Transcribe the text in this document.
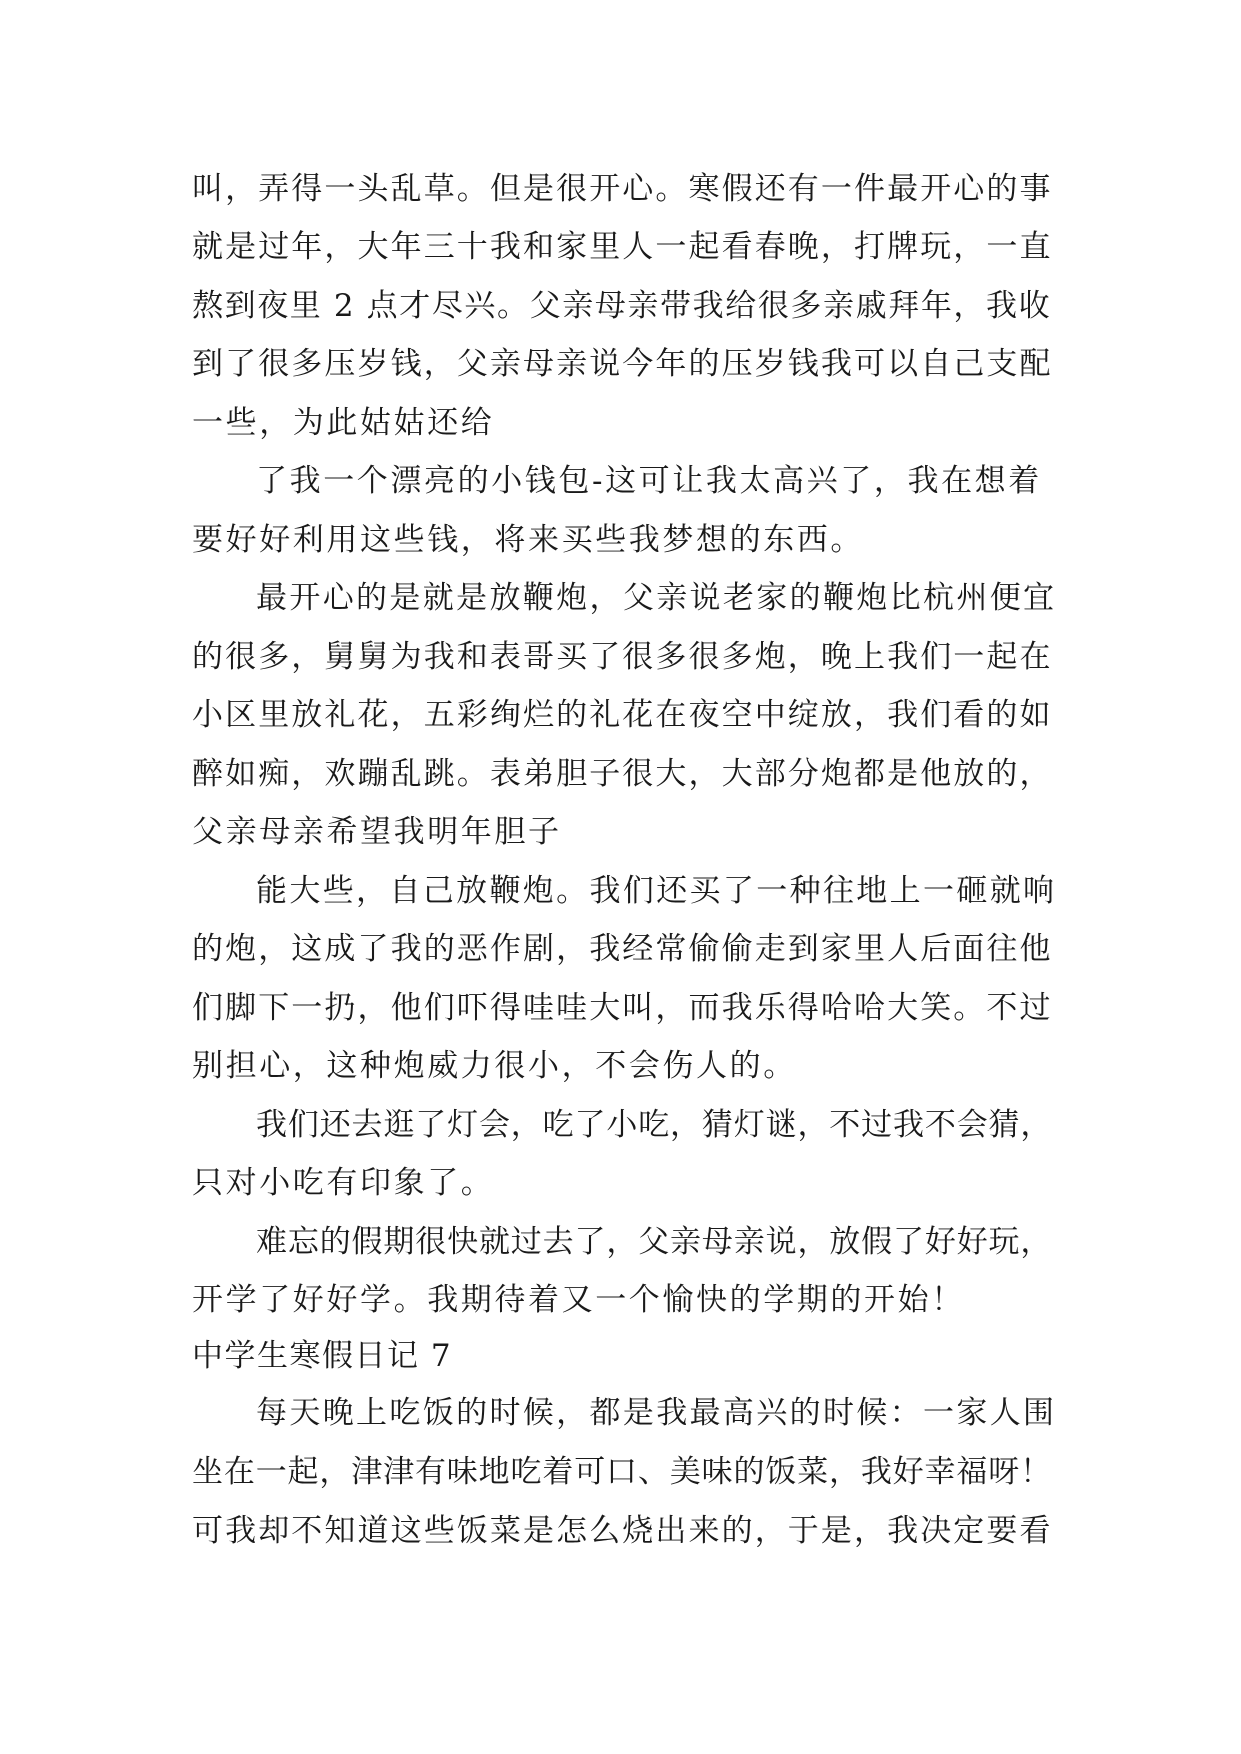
叫，弄得一头乱草。但是很开心。寒假还有一件最开心的事
就是过年，大年三十我和家里人一起看春晚，打牌玩，一直
熬到夜里 2 点才尽兴。父亲母亲带我给很多亲戚拜年，我收
到了很多压岁钱，父亲母亲说今年的压岁钱我可以自己支配
一些，为此姑姑还给
了我一个漂亮的小钱包-这可让我太高兴了，我在想着
要好好利用这些钱，将来买些我梦想的东西。
最开心的是就是放鞭炮，父亲说老家的鞭炮比杭州便宜
的很多，舅舅为我和表哥买了很多很多炮，晚上我们一起在
小区里放礼花，五彩绚烂的礼花在夜空中绽放，我们看的如
醉如痴，欢蹦乱跳。表弟胆子很大，大部分炮都是他放的，
父亲母亲希望我明年胆子
能大些，自己放鞭炮。我们还买了一种往地上一砸就响
的炮，这成了我的恶作剧，我经常偷偷走到家里人后面往他
们脚下一扔，他们吓得哇哇大叫，而我乐得哈哈大笑。不过
别担心，这种炮威力很小，不会伤人的。
我们还去逛了灯会，吃了小吃，猜灯谜，不过我不会猜，
只对小吃有印象了。
难忘的假期很快就过去了，父亲母亲说，放假了好好玩，
开学了好好学。我期待着又一个愉快的学期的开始！
中学生寒假日记 7
每天晚上吃饭的时候，都是我最高兴的时候：一家人围
坐在一起，津津有味地吃着可口、美味的饭菜，我好幸福呀！
可我却不知道这些饭菜是怎么烧出来的，于是，我决定要看
